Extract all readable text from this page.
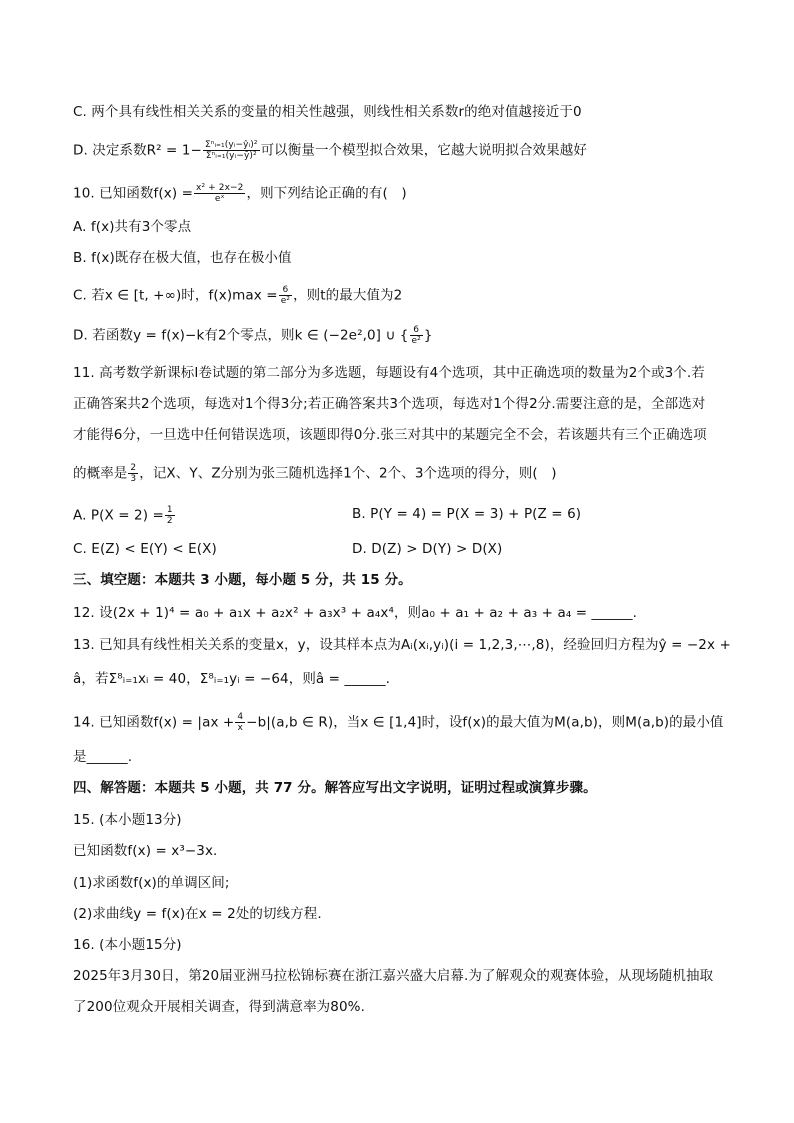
C. 两个具有线性相关关系的变量的相关性越强，则线性相关系数r的绝对值越接近于0
D. 决定系数$R^2 = 1- \frac{\text{Σⁿᵢ₌₁(yᵢ−ŷᵢ)²}}{\text{Σⁿᵢ₌₁(yᵢ−ȳ)²}}$ 可以衡量一个模型拟合效果，它越大说明拟合效果越好
10. 已知函数$f(x) = \frac{\text{x² + 2x−2}}{\text{eˣ}}$ ，则下列结论正确的有(　)
A. f(x)共有3个零点
B. f(x)既存在极大值，也存在极小值
C. 若x ∈ [t, +∞)时，$f(x)\max = \frac{6}{\text{e²}}$ ，则t的最大值为2
D. 若函数y = f(x)−k有2个零点，则k ∈ (−2e²,0] ∪ { $\frac{6}{\text{e²}}$ }
11. 高考数学新课标Ⅰ卷试题的第二部分为多选题，每题设有4个选项，其中正确选项的数量为2个或3个.若
正确答案共2个选项，每选对1个得3分;若正确答案共3个选项，每选对1个得2分.需要注意的是，全部选对
才能得6分，一旦选中任何错误选项，该题即得0分.张三对其中的某题完全不会，若该题共有三个正确选项
的概率是 $\frac{2}{3}$ ，记X、Y、Z分别为张三随机选择1个、2个、3个选项的得分，则(　)
A. $P(X = 2) = \frac{1}{2}$	B. P(Y = 4) = P(X = 3) + P(Z = 6)
C. E(Z) < E(Y) < E(X)	D. D(Z) > D(Y) > D(X)
三、填空题：本题共 3 小题，每小题 5 分，共 15 分。
12. 设(2x + 1)⁴ = a₀ + a₁x + a₂x² + a₃x³ + a₄x⁴，则a₀ + a₁ + a₂ + a₃ + a₄ = ______.
13. 已知具有线性相关关系的变量x，y，设其样本点为Aᵢ(xᵢ,yᵢ)(i = 1,2,3,⋯,8)，经验回归方程为ŷ = −2x +
â，若Σ⁸ᵢ₌₁xᵢ = 40，Σ⁸ᵢ₌₁yᵢ = −64，则â = ______.
14. 已知函数$f(x) = |ax + \frac{4}{x} -b|(a,b$ ∈ R)，当x ∈ [1,4]时，设f(x)的最大值为M(a,b)，则M(a,b)的最小值
是______.
四、解答题：本题共 5 小题，共 77 分。解答应写出文字说明，证明过程或演算步骤。
15. (本小题13分)
已知函数f(x) = x³−3x.
(1)求函数f(x)的单调区间;
(2)求曲线y = f(x)在x = 2处的切线方程.
16. (本小题15分)
2025年3月30日，第20届亚洲马拉松锦标赛在浙江嘉兴盛大启幕.为了解观众的观赛体验，从现场随机抽取
了200位观众开展相关调查，得到满意率为80%.
